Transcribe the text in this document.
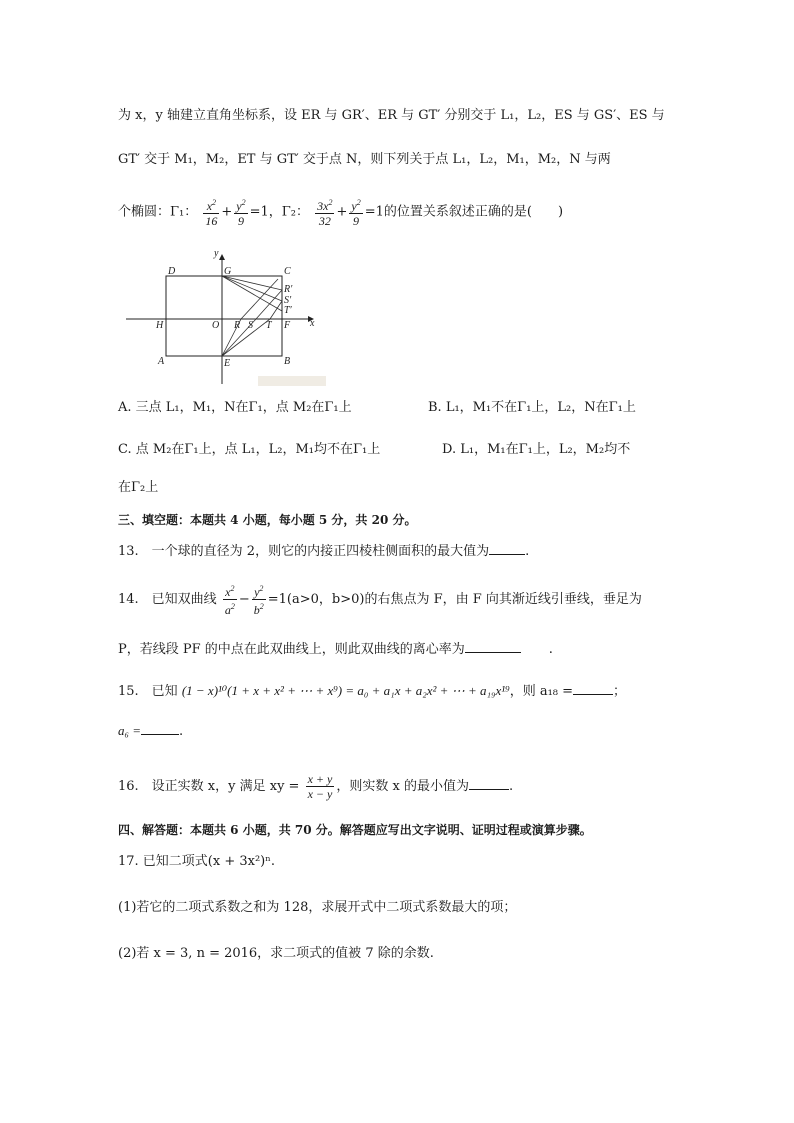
为 x，y 轴建立直角坐标系，设 ER 与 GR′、ER 与 GT′ 分别交于 L₁，L₂，ES 与 GS′、ES 与
GT′ 交于 M₁，M₂，ET 与 GT′ 交于点 N，则下列关于点 L₁，L₂，M₁，M₂，N 与两
个椭圆：Γ₁： $\frac{x^2}{16} + \frac{y^2}{9} =1$，Γ₂： $\frac{3x^2}{32} + \frac{y^2}{9} =1$的位置关系叙述正确的是(　　)
y
D	G	C
R′
S′
T′
H	O R S T F x
A	E	B
A. 三点 L₁，M₁，N在Γ₁，点 M₂在Γ₁上	B. L₁，M₁不在Γ₁上，L₂，N在Γ₁上
C. 点 M₂在Γ₁上，点 L₁，L₂，M₁均不在Γ₁上	D. L₁，M₁在Γ₁上，L₂，M₂均不
在Γ₂上
三、填空题：本题共 4 小题，每小题 5 分，共 20 分。
13.　一个球的直径为 2，则它的内接正四棱柱侧面积的最大值为	.
14.　已知双曲线 $\frac{x^2}{a^2} - \frac{y^2}{b^2} =1(a>0$，b>0)的右焦点为 F，由 F 向其渐近线引垂线，垂足为
P，若线段 PF 的中点在此双曲线上，则此双曲线的离心率为	.
15.　已知 (1 − x)¹⁰(1 + x + x² + ⋯ + x⁹) = a₀ + a₁x + a₂x² + ⋯ + a₁₉x¹⁹，则 a₁₈ =	；
a₆ =	.
16.　设正实数 x，y 满足 xy = $\frac{x + y}{x - y}$ ，则实数 x 的最小值为	.
四、解答题：本题共 6 小题，共 70 分。解答题应写出文字说明、证明过程或演算步骤。
17. 已知二项式(x + 3x²)ⁿ.
(1)若它的二项式系数之和为 128，求展开式中二项式系数最大的项；
(2)若 x = 3, n = 2016，求二项式的值被 7 除的余数.
